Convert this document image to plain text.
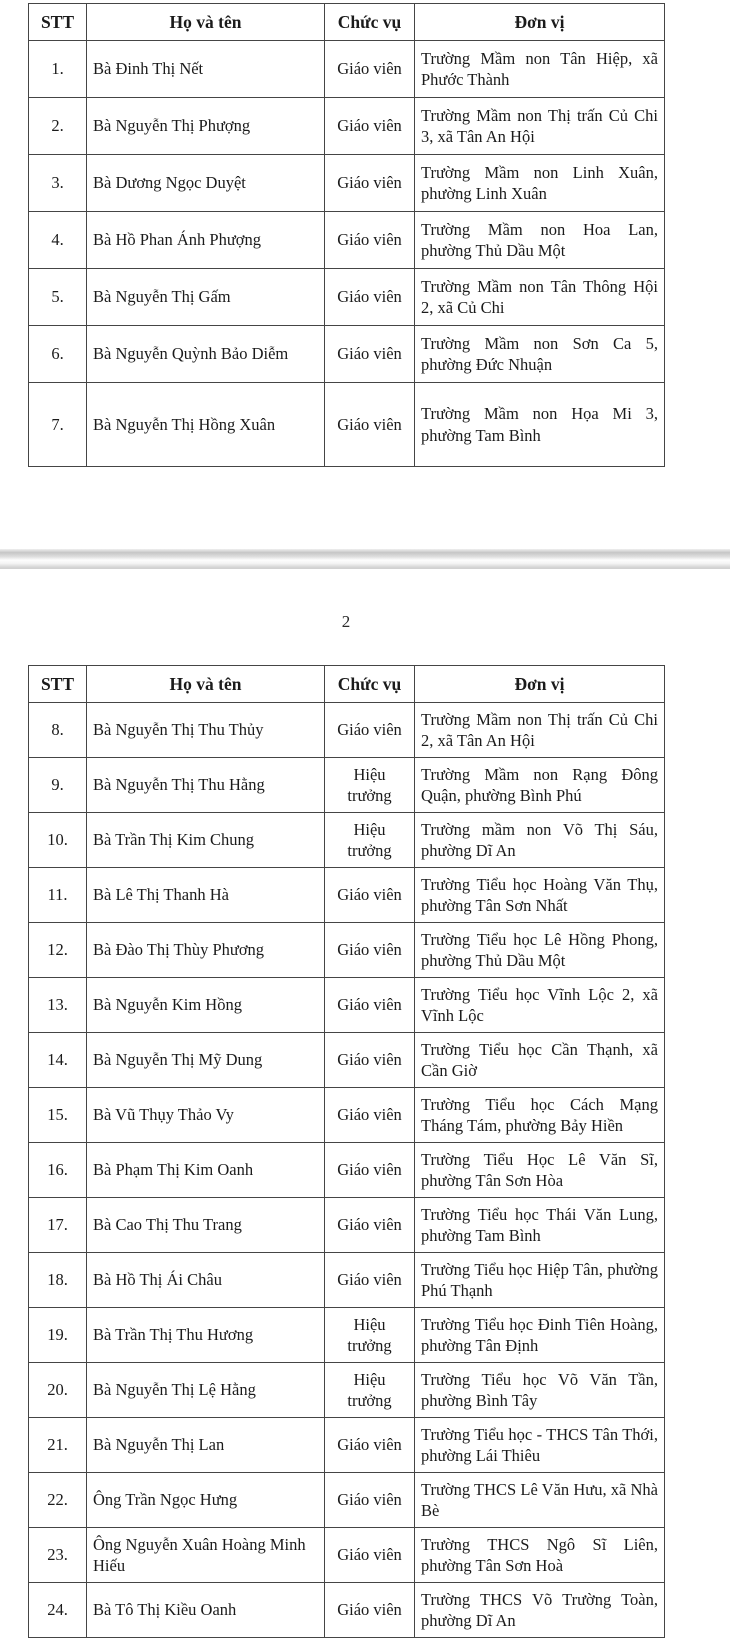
STT	Họ và tên	Chức vụ	Đơn vị
1.	Bà Đinh Thị Nết	Giáo viên	Trường Mầm non Tân Hiệp, xã Phước Thành
2.	Bà Nguyễn Thị Phượng	Giáo viên	Trường Mầm non Thị trấn Củ Chi 3, xã Tân An Hội
3.	Bà Dương Ngọc Duyệt	Giáo viên	Trường Mầm non Linh Xuân, phường Linh Xuân
4.	Bà Hồ Phan Ánh Phượng	Giáo viên	Trường Mầm non Hoa Lan, phường Thủ Dầu Một
5.	Bà Nguyễn Thị Gấm	Giáo viên	Trường Mầm non Tân Thông Hội 2, xã Củ Chi
6.	Bà Nguyễn Quỳnh Bảo Diễm	Giáo viên	Trường Mầm non Sơn Ca 5, phường Đức Nhuận
7.	Bà Nguyễn Thị Hồng Xuân	Giáo viên	Trường Mầm non Họa Mi 3, phường Tam Bình
2
STT	Họ và tên	Chức vụ	Đơn vị
8.	Bà Nguyễn Thị Thu Thủy	Giáo viên	Trường Mầm non Thị trấn Củ Chi 2, xã Tân An Hội
9.	Bà Nguyễn Thị Thu Hằng	Hiệu trưởng	Trường Mầm non Rạng Đông Quận, phường Bình Phú
10.	Bà Trần Thị Kim Chung	Hiệu trưởng	Trường mầm non Võ Thị Sáu, phường Dĩ An
11.	Bà Lê Thị Thanh Hà	Giáo viên	Trường Tiểu học Hoàng Văn Thụ, phường Tân Sơn Nhất
12.	Bà Đào Thị Thùy Phương	Giáo viên	Trường Tiểu học Lê Hồng Phong, phường Thủ Dầu Một
13.	Bà Nguyễn Kim Hồng	Giáo viên	Trường Tiểu học Vĩnh Lộc 2, xã Vĩnh Lộc
14.	Bà Nguyễn Thị Mỹ Dung	Giáo viên	Trường Tiểu học Cần Thạnh, xã Cần Giờ
15.	Bà Vũ Thụy Thảo Vy	Giáo viên	Trường Tiểu học Cách Mạng Tháng Tám, phường Bảy Hiền
16.	Bà Phạm Thị Kim Oanh	Giáo viên	Trường Tiểu Học Lê Văn Sĩ, phường Tân Sơn Hòa
17.	Bà Cao Thị Thu Trang	Giáo viên	Trường Tiểu học Thái Văn Lung, phường Tam Bình
18.	Bà Hồ Thị Ái Châu	Giáo viên	Trường Tiểu học Hiệp Tân, phường Phú Thạnh
19.	Bà Trần Thị Thu Hương	Hiệu trưởng	Trường Tiểu học Đinh Tiên Hoàng, phường Tân Định
20.	Bà Nguyễn Thị Lệ Hằng	Hiệu trưởng	Trường Tiểu học Võ Văn Tần, phường Bình Tây
21.	Bà Nguyễn Thị Lan	Giáo viên	Trường Tiểu học - THCS Tân Thới, phường Lái Thiêu
22.	Ông Trần Ngọc Hưng	Giáo viên	Trường THCS Lê Văn Hưu, xã Nhà Bè
23.	Ông Nguyễn Xuân Hoàng Minh Hiếu	Giáo viên	Trường THCS Ngô Sĩ Liên, phường Tân Sơn Hoà
24.	Bà Tô Thị Kiều Oanh	Giáo viên	Trường THCS Võ Trường Toàn, phường Dĩ An
